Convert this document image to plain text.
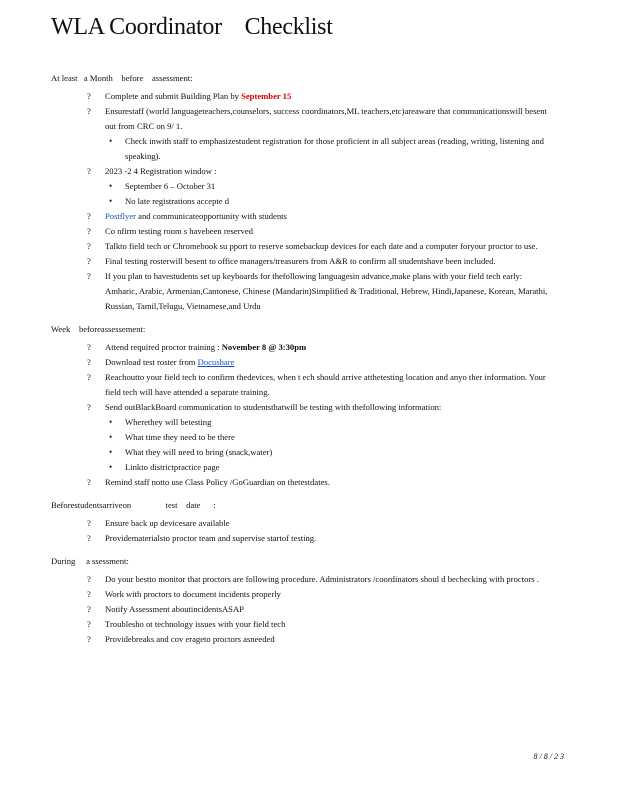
WLA Coordinator    Checklist
At least   a Month    before    assessment:
? Complete and submit Building Plan by September 15
? Ensurestaff (world languageteachers,counselors, success coordinators,ML teachers,etc)areaware that communicationswill besent out from CRC on 9/ 1.
• Check inwith staff to emphasizestudent registration for those proficient in all subject areas (reading, writing, listening and speaking).
? 2023 -2 4 Registration window :
• September 6 – October 31
• No late registrations accepte d
? Postflyer and communicateopportunity with students
? Co nfirm testing room s havebeen reserved
? Talkto field tech or Chromebook su pport to reserve somebackup devices for each date and a computer foryour proctor to use.
? Final testing rosterwill besent to office managers/treasurers from A&R to confirm all studentshave been included.
? If you plan to havestudents set up keyboards for thefollowing languagesin advance,make plans with your field tech early: Amharic, Arabic, Armenian,Cantonese, Chinese (Mandarin)Simplified & Traditional, Hebrew, Hindi,Japanese, Korean, Marathi, Russian, Tamil,Telugu, Vietnamese,and Urdu
Week    beforeassessement:
? Attend required proctor training : November 8 @ 3:30pm
? Download test roster from Docushare
? Reachoutto your field tech to confirm thedevices, when t ech should arrive atthetesting location and anyo ther information. Your field tech will have attended a separate training.
? Send outBlackBoard communication to studentsthatwill be testing with thefollowing information:
• Wherethey will betesting
• What time they need to be there
• What they will need to bring (snack,water)
• Linkto districtpractice page
? Remind staff notto use Class Policy /GoGuardian on thetestdates.
Beforestudentsarriveon                test    date      :
? Ensure back up devicesare available
? Providematerialsto proctor team and supervise startof testing.
During     a ssessment:
? Do your bestto monitor that proctors are following procedure. Administrators /coordinators shoul d bechecking with proctors .
? Work with proctors to document incidents properly
? Notify Assessment aboutincidentsASAP
? Troublesho ot technology issues with your field tech
? Providebreaks and cov erageto proctors asneeded
8 / 8 / 2 3
